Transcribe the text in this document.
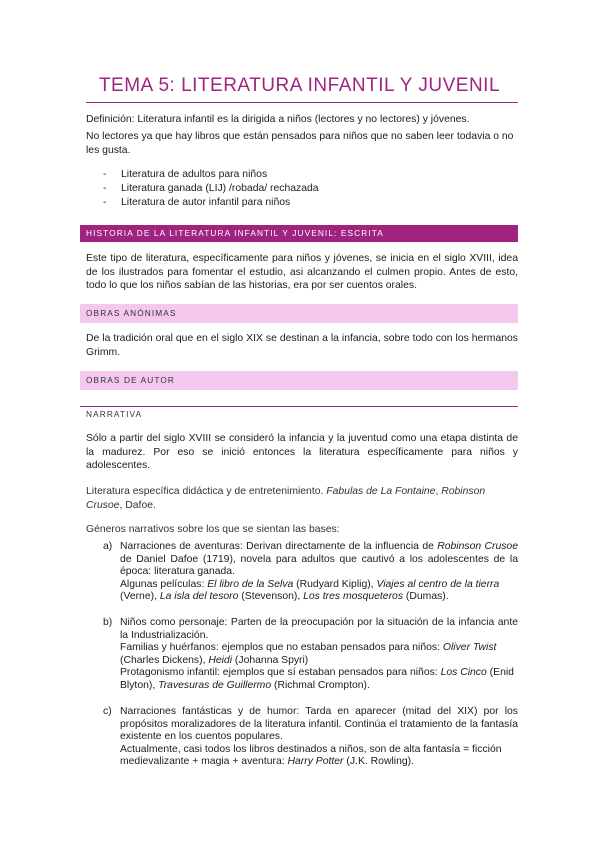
TEMA 5: LITERATURA INFANTIL Y JUVENIL

Definición: Literatura infantil es la dirigida a niños (lectores y no lectores) y jóvenes.

No lectores ya que hay libros que están pensados para niños que no saben leer todavia o no les gusta.

- Literatura de adultos para niños
- Literatura ganada (LIJ) /robada/ rechazada
- Literatura de autor infantil para niños
HISTORIA DE LA LITERATURA INFANTIL Y JUVENIL: ESCRITA

Este tipo de literatura, específicamente para niños y jóvenes, se inicia en el siglo XVIII, idea de los ilustrados para fomentar el estudio, asi alcanzando el culmen propio. Antes de esto, todo lo que los niños sabían de las historias, era por ser cuentos orales.

OBRAS ANÓNIMAS

De la tradición oral que en el siglo XIX se destinan a la infancia, sobre todo con los hermanos Grimm.

OBRAS DE AUTOR
NARRATIVA

Sólo a partir del siglo XVIII se consideró la infancia y la juventud como una etapa distinta de la madurez. Por eso se inició entonces la literatura específicamente para niños y adolescentes.

Literatura específica didáctica y de entretenimiento. Fabulas de La Fontaine, Robinson Crusoe, Dafoe.

Géneros narrativos sobre los que se sientan las bases:

a) Narraciones de aventuras: Derivan directamente de la influencia de Robinson Crusoe de Daniel Dafoe (1719), novela para adultos que cautivó a los adolescentes de la época: literatura ganada.
Algunas películas: El libro de la Selva (Rudyard Kiplig), Viajes al centro de la tierra (Verne), La isla del tesoro (Stevenson), Los tres mosqueteros (Dumas).
b) Niños como personaje: Parten de la preocupación por la situación de la infancia ante la Industrialización.
Familias y huérfanos: ejemplos que no estaban pensados para niños: Oliver Twist (Charles Dickens), Heidi (Johanna Spyri)
Protagonismo infantil: ejemplos que sí estaban pensados para niños: Los Cinco (Enid Blyton), Travesuras de Guillermo (Richmal Crompton).
c) Narraciones fantásticas y de humor: Tarda en aparecer (mitad del XIX) por los propósitos moralizadores de la literatura infantil. Continúa el tratamiento de la fantasía existente en los cuentos populares.
Actualmente, casi todos los libros destinados a niños, son de alta fantasía = ficción medievalizante + magia + aventura: Harry Potter (J.K. Rowling).
